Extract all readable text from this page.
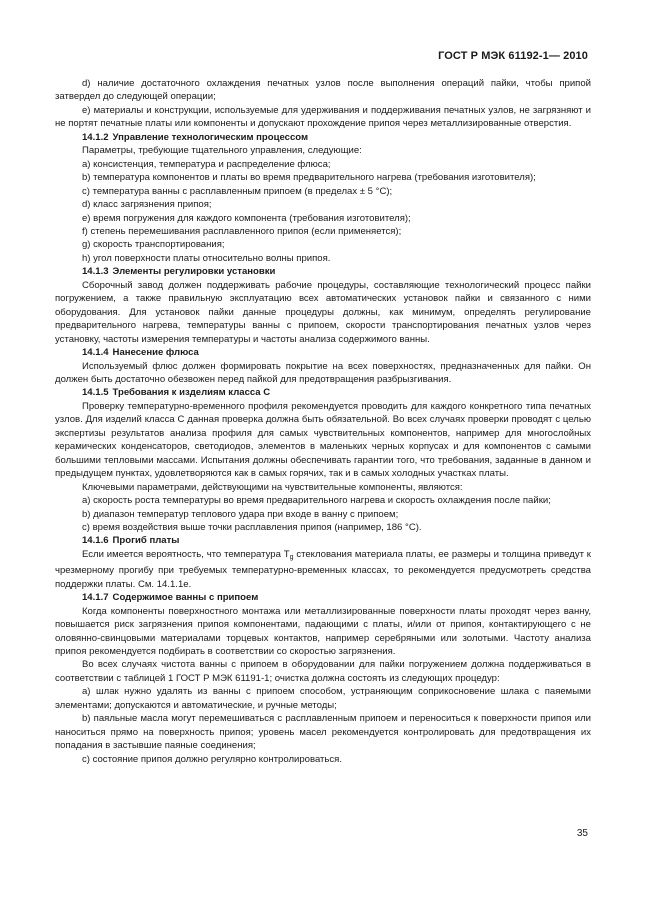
ГОСТ Р МЭК 61192-1— 2010

d) наличие достаточного охлаждения печатных узлов после выполнения операций пайки, чтобы припой затвердел до следующей операции;

е) материалы и конструкции, используемые для удерживания и поддерживания печатных узлов, не загрязняют и не портят печатные платы или компоненты и допускают прохождение припоя через металлизированные отверстия.

14.1.2 Управление технологическим процессом

Параметры, требующие тщательного управления, следующие:

a) консистенция, температура и распределение флюса;

b) температура компонентов и платы во время предварительного нагрева (требования изготовителя);

c) температура ванны с расплавленным припоем (в пределах ± 5 °С);

d) класс загрязнения припоя;

e) время погружения для каждого компонента (требования изготовителя);

f) степень перемешивания расплавленного припоя (если применяется);

g) скорость транспортирования;

h) угол поверхности платы относительно волны припоя.

14.1.3 Элементы регулировки установки

Сборочный завод должен поддерживать рабочие процедуры, составляющие технологический процесс пайки погружением, а также правильную эксплуатацию всех автоматических установок пайки и связанного с ними оборудования. Для установок пайки данные процедуры должны, как минимум, определять регулирование предварительного нагрева, температуры ванны с припоем, скорости транспортирования печатных узлов через установку, частоты измерения температуры и частоты анализа содержимого ванны.

14.1.4 Нанесение флюса

Используемый флюс должен формировать покрытие на всех поверхностях, предназначенных для пайки. Он должен быть достаточно обезвожен перед пайкой для предотвращения разбрызгивания.

14.1.5 Требования к изделиям класса С

Проверку температурно-временного профиля рекомендуется проводить для каждого конкретного типа печатных узлов. Для изделий класса С данная проверка должна быть обязательной. Во всех случаях проверки проводят с целью экспертизы результатов анализа профиля для самых чувствительных компонентов, например для многослойных керамических конденсаторов, светодиодов, элементов в маленьких черных корпусах и для компонентов с самыми большими тепловыми массами. Испытания должны обеспечивать гарантии того, что требования, заданные в данном и предыдущем пунктах, удовлетворяются как в самых горячих, так и в самых холодных участках платы.

Ключевыми параметрами, действующими на чувствительные компоненты, являются:

а) скорость роста температуры во время предварительного нагрева и скорость охлаждения после пайки;

b) диапазон температур теплового удара при входе в ванну с припоем;

c) время воздействия выше точки расплавления припоя (например, 186 °С).

14.1.6 Прогиб платы

Если имеется вероятность, что температура $T_g$ стеклования материала платы, ее размеры и толщина приведут к чрезмерному прогибу при требуемых температурно-временных классах, то рекомендуется предусмотреть средства поддержки платы. См. 14.1.1e.

14.1.7 Содержимое ванны с припоем

Когда компоненты поверхностного монтажа или металлизированные поверхности платы проходят через ванну, повышается риск загрязнения припоя компонентами, падающими с платы, и/или от припоя, контактирующего с не оловянно-свинцовыми материалами торцевых контактов, например серебряными или золотыми. Частоту анализа припоя рекомендуется подбирать в соответствии со скоростью загрязнения.

Во всех случаях чистота ванны с припоем в оборудовании для пайки погружением должна поддерживаться в соответствии с таблицей 1 ГОСТ Р МЭК 61191-1; очистка должна состоять из следующих процедур:

а) шлак нужно удалять из ванны с припоем способом, устраняющим соприкосновение шлака с паяемыми элементами; допускаются и автоматические, и ручные методы;

b) паяльные масла могут перемешиваться с расплавленным припоем и переноситься к поверхности припоя или наноситься прямо на поверхность припоя; уровень масел рекомендуется контролировать для предотвращения их попадания в застывшие паяные соединения;

c) состояние припоя должно регулярно контролироваться.

35
